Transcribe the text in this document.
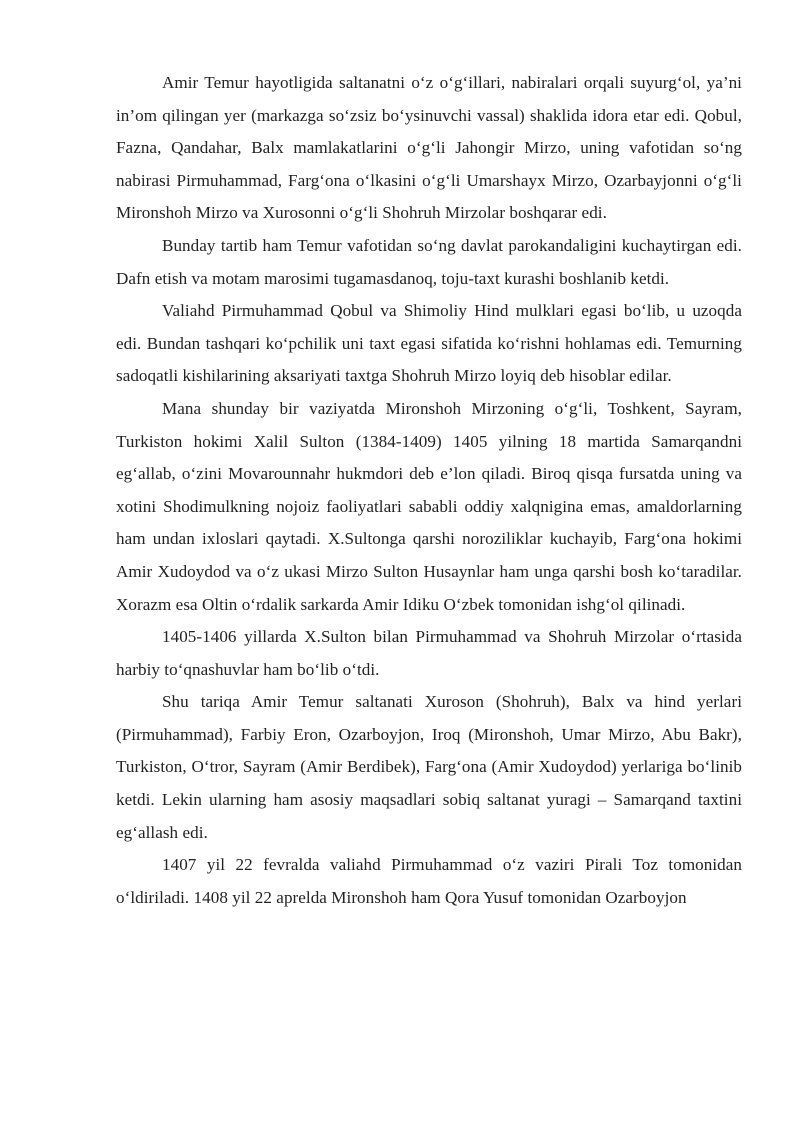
Amir Temur hayotligida saltanatni o‘z o‘g‘illari, nabiralari orqali suyurg‘ol, ya’ni in’om qilingan yer (markazga so‘zsiz bo‘ysinuvchi vassal) shaklida idora etar edi. Qobul, Fazna, Qandahar, Balx mamlakatlarini o‘g‘li Jahongir Mirzo, uning vafotidan so‘ng nabirasi Pirmuhammad, Farg‘ona o‘lkasini o‘g‘li Umarshayx Mirzo, Ozarbayjonni o‘g‘li Mironshoh Mirzo va Xurosonni o‘g‘li Shohruh Mirzolar boshqarar edi.

Bunday tartib ham Temur vafotidan so‘ng davlat parokandaligini kuchaytirgan edi. Dafn etish va motam marosimi tugamasdanoq, toju-taxt kurashi boshlanib ketdi.

Valiahd Pirmuhammad Qobul va Shimoliy Hind mulklari egasi bo‘lib, u uzoqda edi. Bundan tashqari ko‘pchilik uni taxt egasi sifatida ko‘rishni hohlamas edi. Temurning sadoqatli kishilarining aksariyati taxtga Shohruh Mirzo loyiq deb hisoblar edilar.

Mana shunday bir vaziyatda Mironshoh Mirzoning o‘g‘li, Toshkent, Sayram, Turkiston hokimi Xalil Sulton (1384-1409) 1405 yilning 18 martida Samarqandni eg‘allab, o‘zini Movarounnahr hukmdori deb e’lon qiladi. Biroq qisqa fursatda uning va xotini Shodimulkning nojoiz faoliyatlari sababli oddiy xalqnigina emas, amaldorlarning ham undan ixloslari qaytadi. X.Sultonga qarshi noroziliklar kuchayib, Farg‘ona hokimi Amir Xudoydod va o‘z ukasi Mirzo Sulton Husaynlar ham unga qarshi bosh ko‘taradilar. Xorazm esa Oltin o‘rdalik sarkarda Amir Idiku O‘zbek tomonidan ishg‘ol qilinadi.

1405-1406 yillarda X.Sulton bilan Pirmuhammad va Shohruh Mirzolar o‘rtasida harbiy to‘qnashuvlar ham bo‘lib o‘tdi.

Shu tariqa Amir Temur saltanati Xuroson (Shohruh), Balx va hind yerlari (Pirmuhammad), Farbiy Eron, Ozarboyjon, Iroq (Mironshoh, Umar Mirzo, Abu Bakr), Turkiston, O‘tror, Sayram (Amir Berdibek), Farg‘ona (Amir Xudoydod) yerlariga bo‘linib ketdi. Lekin ularning ham asosiy maqsadlari sobiq saltanat yuragi – Samarqand taxtini eg‘allash edi.

1407 yil 22 fevralda valiahd Pirmuhammad o‘z vaziri Pirali Toz tomonidan o‘ldiriladi. 1408 yil 22 aprelda Mironshoh ham Qora Yusuf tomonidan Ozarboyjon
